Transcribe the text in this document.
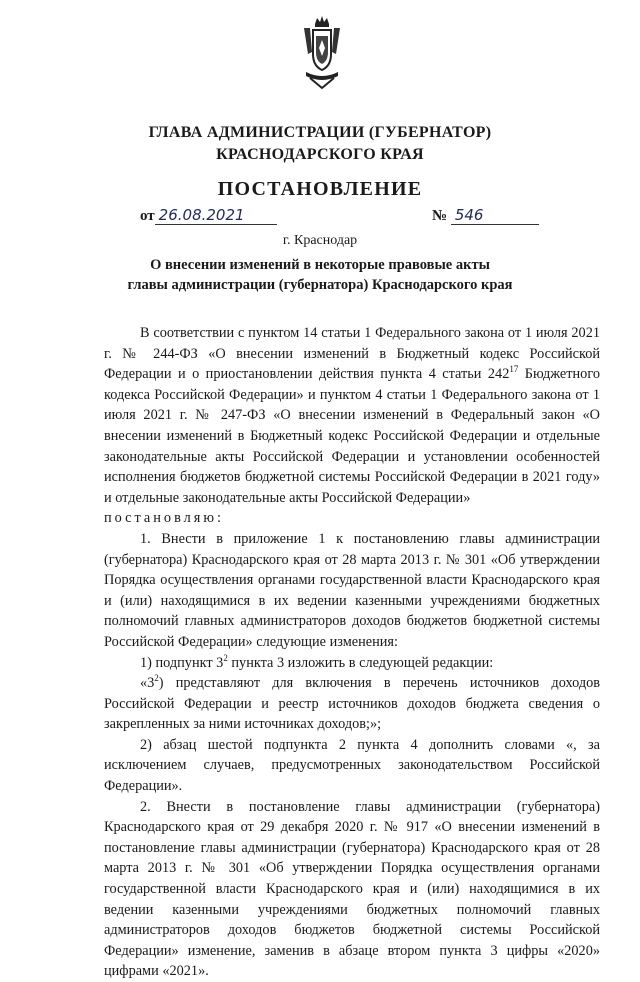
ГЛАВА АДМИНИСТРАЦИИ (ГУБЕРНАТОР)
КРАСНОДАРСКОГО КРАЯ
ПОСТАНОВЛЕНИЕ
от 26.08.2021	№ 546
г. Краснодар
О внесении изменений в некоторые правовые акты
главы администрации (губернатора) Краснодарского края

В соответствии с пунктом 14 статьи 1 Федерального закона от 1 июля 2021 г. № 244-ФЗ «О внесении изменений в Бюджетный кодекс Российской Федерации и о приостановлении действия пункта 4 статьи $242^{17}$ Бюджетного кодекса Российской Федерации» и пунктом 4 статьи 1 Федерального закона от 1 июля 2021 г. № 247-ФЗ «О внесении изменений в Федеральный закон «О внесении изменений в Бюджетный кодекс Российской Федерации и отдельные законодательные акты Российской Федерации и установлении особенностей исполнения бюджетов бюджетной системы Российской Федерации в 2021 году» и отдельные законодательные акты Российской Федерации»

постановляю:

1. Внести в приложение 1 к постановлению главы администрации (губернатора) Краснодарского края от 28 марта 2013 г. № 301 «Об утверждении Порядка осуществления органами государственной власти Краснодарского края и (или) находящимися в их ведении казенными учреждениями бюджетных полномочий главных администраторов доходов бюджетов бюджетной системы Российской Федерации» следующие изменения:

1) подпункт $3^2$ пункта 3 изложить в следующей редакции:

«$3^2$) представляют для включения в перечень источников доходов Российской Федерации и реестр источников доходов бюджета сведения о закрепленных за ними источниках доходов;»;

2) абзац шестой подпункта 2 пункта 4 дополнить словами «, за исключением случаев, предусмотренных законодательством Российской Федерации».

2. Внести в постановление главы администрации (губернатора) Краснодарского края от 29 декабря 2020 г. № 917 «О внесении изменений в постановление главы администрации (губернатора) Краснодарского края от 28 марта 2013 г. № 301 «Об утверждении Порядка осуществления органами государственной власти Краснодарского края и (или) находящимися в их ведении казенными учреждениями бюджетных полномочий главных администраторов доходов бюджетов бюджетной системы Российской Федерации» изменение, заменив в абзаце втором пункта 3 цифры «2020» цифрами «2021».
